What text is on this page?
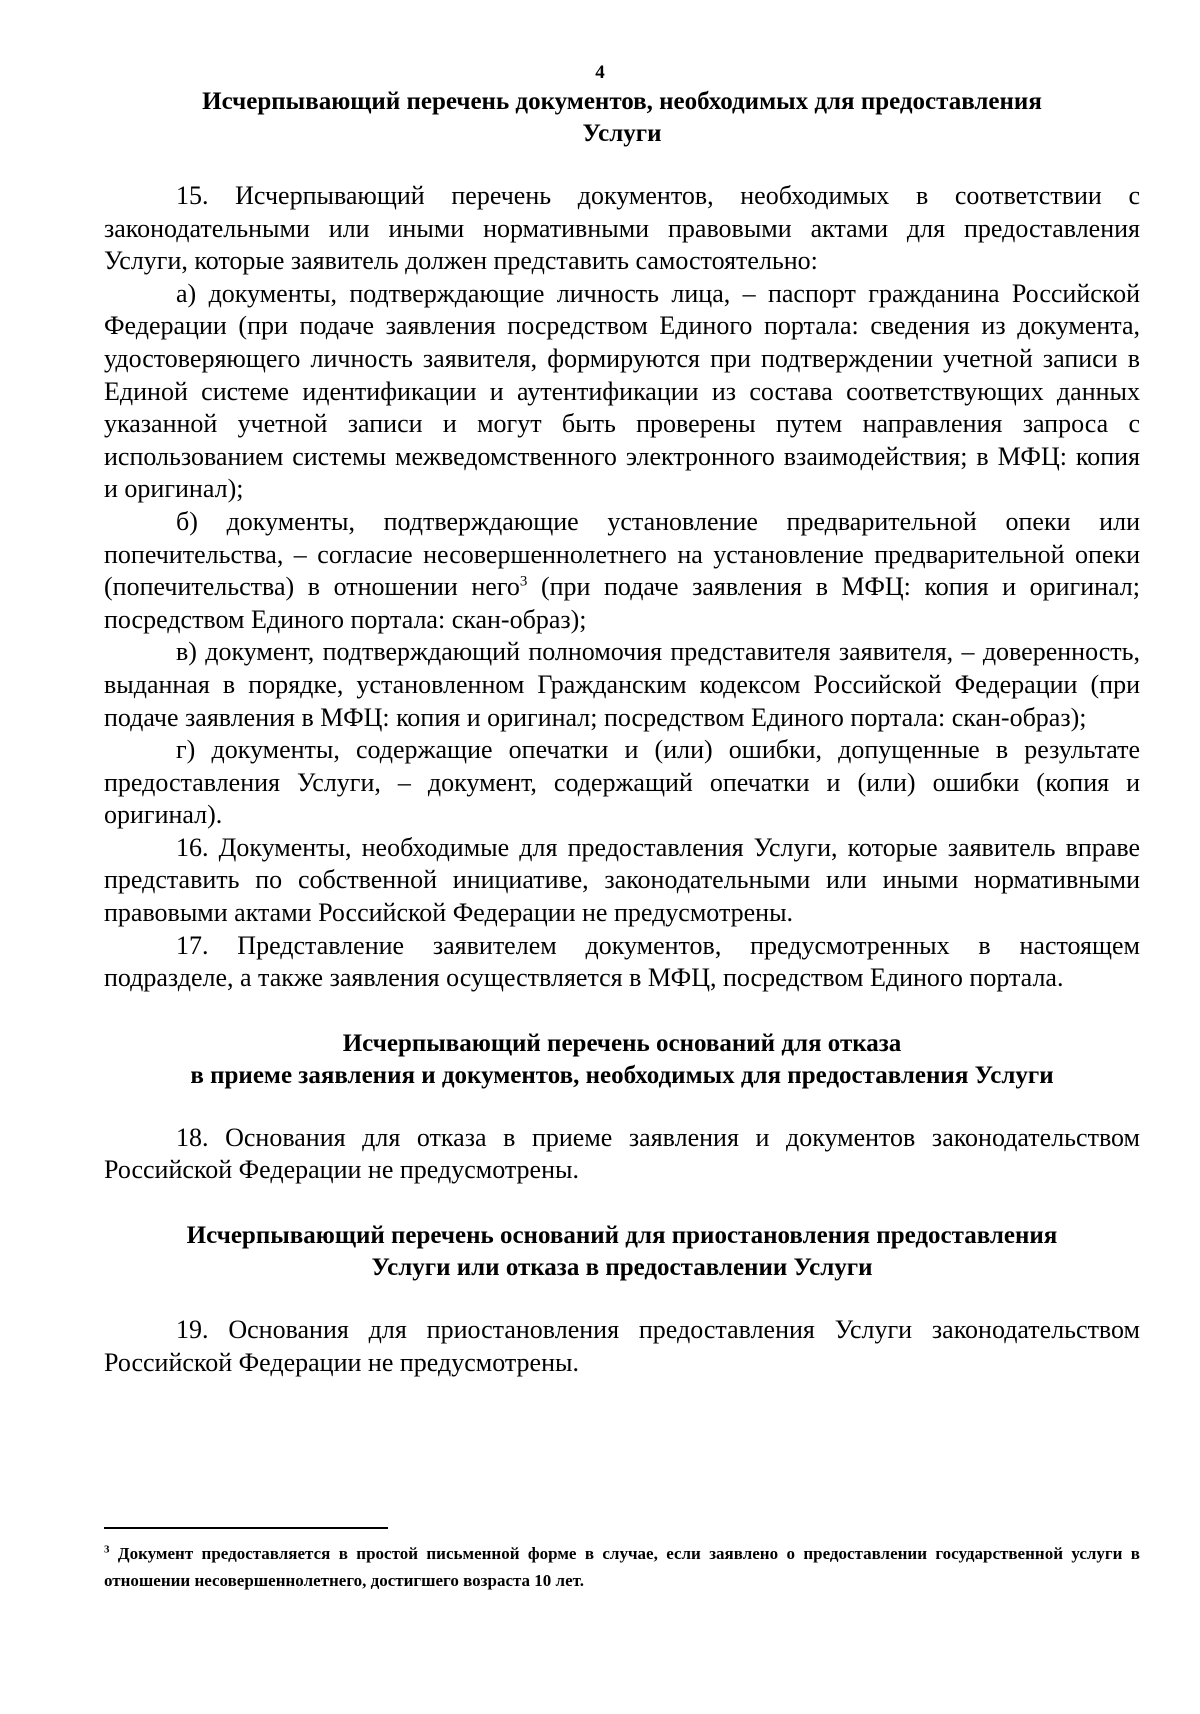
4
Исчерпывающий перечень документов, необходимых для предоставления
Услуги

15. Исчерпывающий перечень документов, необходимых в соответствии с законодательными или иными нормативными правовыми актами для предоставления Услуги, которые заявитель должен представить самостоятельно:

а) документы, подтверждающие личность лица, – паспорт гражданина Российской Федерации (при подаче заявления посредством Единого портала: сведения из документа, удостоверяющего личность заявителя, формируются при подтверждении учетной записи в Единой системе идентификации и аутентификации из состава соответствующих данных указанной учетной записи и могут быть проверены путем направления запроса с использованием системы межведомственного электронного взаимодействия; в МФЦ: копия и оригинал);

б) документы, подтверждающие установление предварительной опеки или попечительства, – согласие несовершеннолетнего на установление предварительной опеки (попечительства) в отношении него$^3$ (при подаче заявления в МФЦ: копия и оригинал; посредством Единого портала: скан-образ);

в) документ, подтверждающий полномочия представителя заявителя, – доверенность, выданная в порядке, установленном Гражданским кодексом Российской Федерации (при подаче заявления в МФЦ: копия и оригинал; посредством Единого портала: скан-образ);

г) документы, содержащие опечатки и (или) ошибки, допущенные в результате предоставления Услуги, – документ, содержащий опечатки и (или) ошибки (копия и оригинал).

16. Документы, необходимые для предоставления Услуги, которые заявитель вправе представить по собственной инициативе, законодательными или иными нормативными правовыми актами Российской Федерации не предусмотрены.

17. Представление заявителем документов, предусмотренных в настоящем подразделе, а также заявления осуществляется в МФЦ, посредством Единого портала.

Исчерпывающий перечень оснований для отказа
в приеме заявления и документов, необходимых для предоставления Услуги

18. Основания для отказа в приеме заявления и документов законодательством Российской Федерации не предусмотрены.

Исчерпывающий перечень оснований для приостановления предоставления
Услуги или отказа в предоставлении Услуги

19. Основания для приостановления предоставления Услуги законодательством Российской Федерации не предусмотрены.

$^3$ Документ предоставляется в простой письменной форме в случае, если заявлено о предоставлении государственной услуги в отношении несовершеннолетнего, достигшего возраста 10 лет.
